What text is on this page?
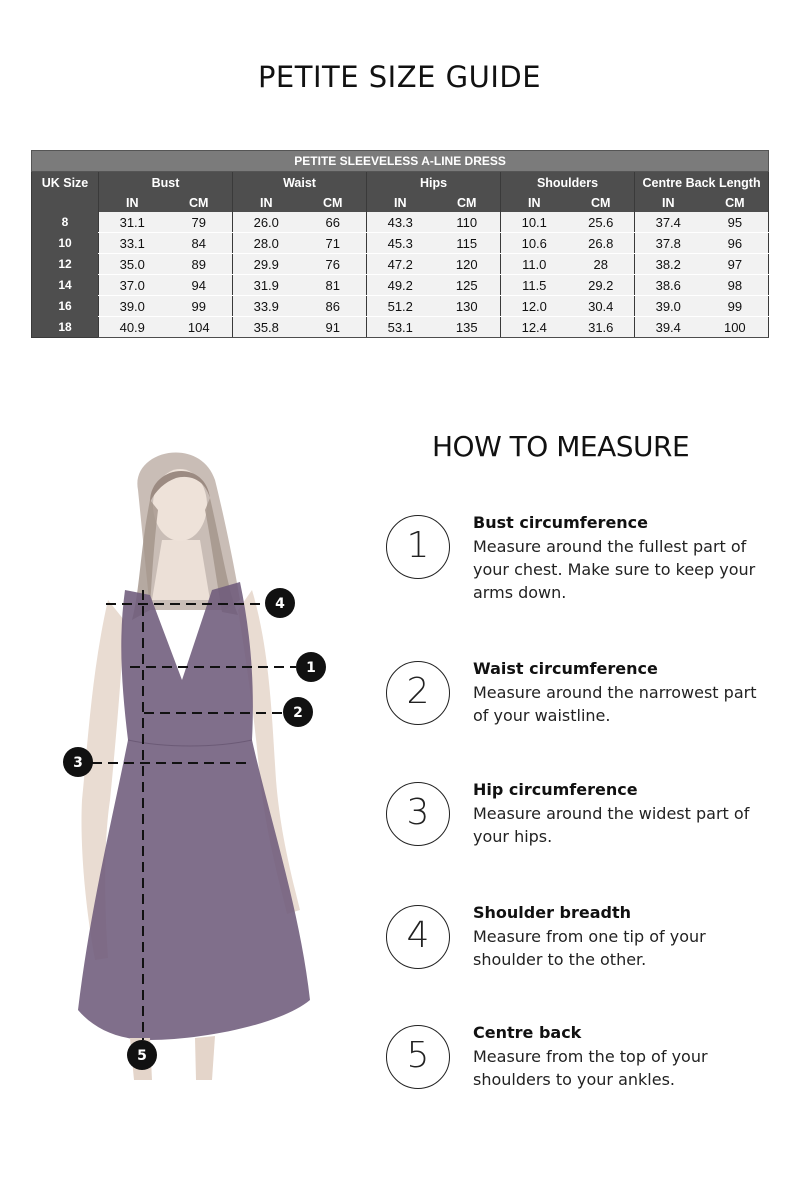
PETITE SIZE GUIDE
PETITE SLEEVELESS A-LINE DRESS										
UK Size	Bust		Waist		Hips		Shoulders		Centre Back Length	
	IN	CM	IN	CM	IN	CM	IN	CM	IN	CM
8	31.1	79	26.0	66	43.3	110	10.1	25.6	37.4	95
10	33.1	84	28.0	71	45.3	115	10.6	26.8	37.8	96
12	35.0	89	29.9	76	47.2	120	11.0	28	38.2	97
14	37.0	94	31.9	81	49.2	125	11.5	29.2	38.6	98
16	39.0	99	33.9	86	51.2	130	12.0	30.4	39.0	99
18	40.9	104	35.8	91	53.1	135	12.4	31.6	39.4	100
4
1
2
3
5
HOW TO MEASURE
1
Bust circumference
Measure around the fullest part of your chest. Make sure to keep your arms down.
2
Waist circumference
Measure around the narrowest part of your waistline.
3
Hip circumference
Measure around the widest part of your hips.
4
Shoulder breadth
Measure from one tip of your shoulder to the other.
5
Centre back
Measure from the top of your shoulders to your ankles.
